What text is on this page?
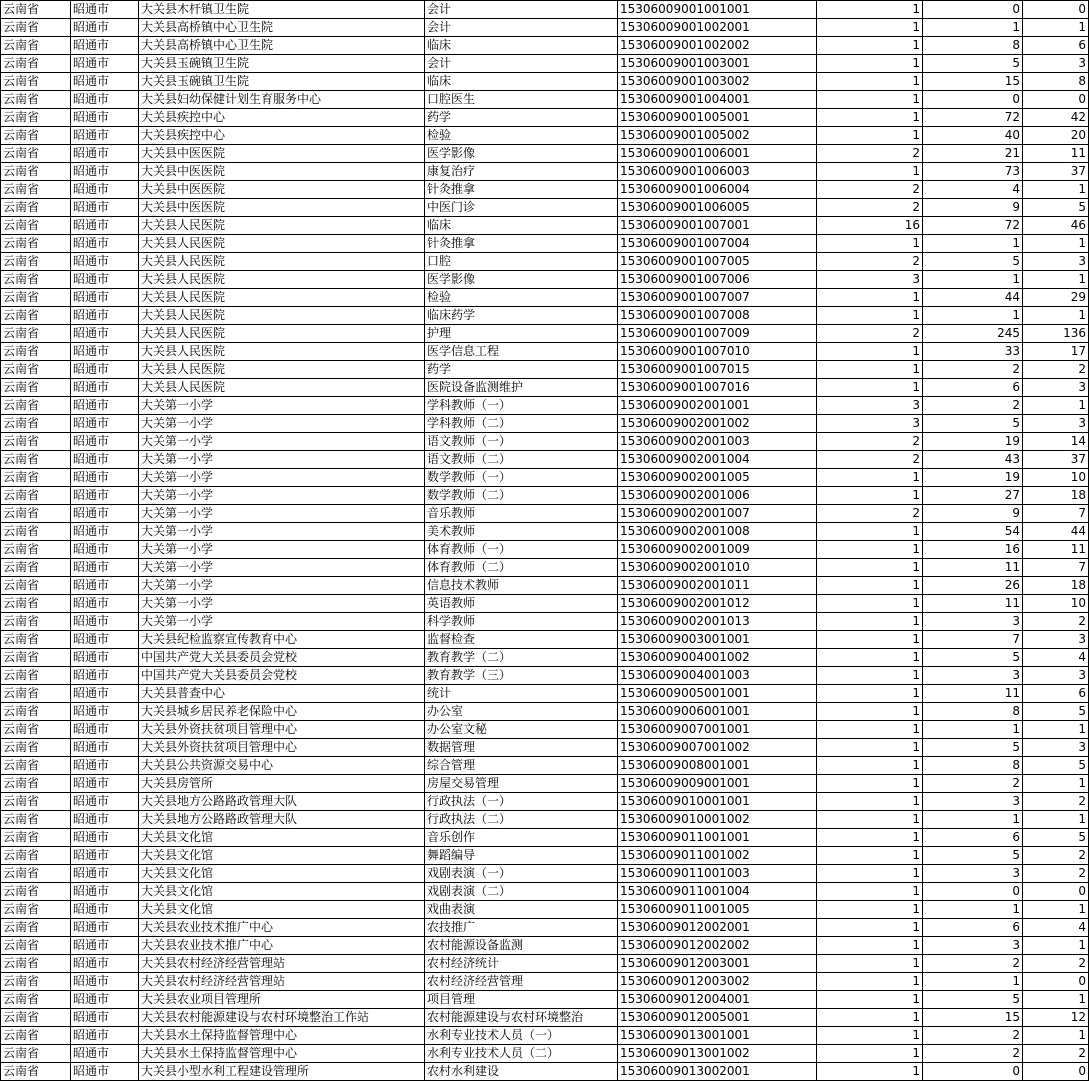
云南省	昭通市	大关县木杆镇卫生院	会计	15306009001001001	1	0	0
云南省	昭通市	大关县高桥镇中心卫生院	会计	15306009001002001	1	1	1
云南省	昭通市	大关县高桥镇中心卫生院	临床	15306009001002002	1	8	6
云南省	昭通市	大关县玉碗镇卫生院	会计	15306009001003001	1	5	3
云南省	昭通市	大关县玉碗镇卫生院	临床	15306009001003002	1	15	8
云南省	昭通市	大关县妇幼保健计划生育服务中心	口腔医生	15306009001004001	1	0	0
云南省	昭通市	大关县疾控中心	药学	15306009001005001	1	72	42
云南省	昭通市	大关县疾控中心	检验	15306009001005002	1	40	20
云南省	昭通市	大关县中医医院	医学影像	15306009001006001	2	21	11
云南省	昭通市	大关县中医医院	康复治疗	15306009001006003	1	73	37
云南省	昭通市	大关县中医医院	针灸推拿	15306009001006004	2	4	1
云南省	昭通市	大关县中医医院	中医门诊	15306009001006005	2	9	5
云南省	昭通市	大关县人民医院	临床	15306009001007001	16	72	46
云南省	昭通市	大关县人民医院	针灸推拿	15306009001007004	1	1	1
云南省	昭通市	大关县人民医院	口腔	15306009001007005	2	5	3
云南省	昭通市	大关县人民医院	医学影像	15306009001007006	3	1	1
云南省	昭通市	大关县人民医院	检验	15306009001007007	1	44	29
云南省	昭通市	大关县人民医院	临床药学	15306009001007008	1	1	1
云南省	昭通市	大关县人民医院	护理	15306009001007009	2	245	136
云南省	昭通市	大关县人民医院	医学信息工程	15306009001007010	1	33	17
云南省	昭通市	大关县人民医院	药学	15306009001007015	1	2	2
云南省	昭通市	大关县人民医院	医院设备监测维护	15306009001007016	1	6	3
云南省	昭通市	大关第一小学	学科教师（一）	15306009002001001	3	2	1
云南省	昭通市	大关第一小学	学科教师（二）	15306009002001002	3	5	3
云南省	昭通市	大关第一小学	语文教师（一）	15306009002001003	2	19	14
云南省	昭通市	大关第一小学	语文教师（二）	15306009002001004	2	43	37
云南省	昭通市	大关第一小学	数学教师（一）	15306009002001005	1	19	10
云南省	昭通市	大关第一小学	数学教师（二）	15306009002001006	1	27	18
云南省	昭通市	大关第一小学	音乐教师	15306009002001007	2	9	7
云南省	昭通市	大关第一小学	美术教师	15306009002001008	1	54	44
云南省	昭通市	大关第一小学	体育教师（一）	15306009002001009	1	16	11
云南省	昭通市	大关第一小学	体育教师（二）	15306009002001010	1	11	7
云南省	昭通市	大关第一小学	信息技术教师	15306009002001011	1	26	18
云南省	昭通市	大关第一小学	英语教师	15306009002001012	1	11	10
云南省	昭通市	大关第一小学	科学教师	15306009002001013	1	3	2
云南省	昭通市	大关县纪检监察宣传教育中心	监督检查	15306009003001001	1	7	3
云南省	昭通市	中国共产党大关县委员会党校	教育教学（二）	15306009004001002	1	5	4
云南省	昭通市	中国共产党大关县委员会党校	教育教学（三）	15306009004001003	1	3	3
云南省	昭通市	大关县普查中心	统计	15306009005001001	1	11	6
云南省	昭通市	大关县城乡居民养老保险中心	办公室	15306009006001001	1	8	5
云南省	昭通市	大关县外资扶贫项目管理中心	办公室文秘	15306009007001001	1	1	1
云南省	昭通市	大关县外资扶贫项目管理中心	数据管理	15306009007001002	1	5	3
云南省	昭通市	大关县公共资源交易中心	综合管理	15306009008001001	1	8	5
云南省	昭通市	大关县房管所	房屋交易管理	15306009009001001	1	2	1
云南省	昭通市	大关县地方公路路政管理大队	行政执法（一）	15306009010001001	1	3	2
云南省	昭通市	大关县地方公路路政管理大队	行政执法（二）	15306009010001002	1	1	1
云南省	昭通市	大关县文化馆	音乐创作	15306009011001001	1	6	5
云南省	昭通市	大关县文化馆	舞蹈编导	15306009011001002	1	5	2
云南省	昭通市	大关县文化馆	戏剧表演（一）	15306009011001003	1	3	2
云南省	昭通市	大关县文化馆	戏剧表演（二）	15306009011001004	1	0	0
云南省	昭通市	大关县文化馆	戏曲表演	15306009011001005	1	1	1
云南省	昭通市	大关县农业技术推广中心	农技推广	15306009012002001	1	6	4
云南省	昭通市	大关县农业技术推广中心	农村能源设备监测	15306009012002002	1	3	1
云南省	昭通市	大关县农村经济经营管理站	农村经济统计	15306009012003001	1	2	2
云南省	昭通市	大关县农村经济经营管理站	农村经济经营管理	15306009012003002	1	1	0
云南省	昭通市	大关县农业项目管理所	项目管理	15306009012004001	1	5	1
云南省	昭通市	大关县农村能源建设与农村环境整治工作站	农村能源建设与农村环境整治	15306009012005001	1	15	12
云南省	昭通市	大关县水土保持监督管理中心	水利专业技术人员（一）	15306009013001001	1	2	1
云南省	昭通市	大关县水土保持监督管理中心	水利专业技术人员（二）	15306009013001002	1	2	2
云南省	昭通市	大关县小型水利工程建设管理所	农村水利建设	15306009013002001	1	0	0
